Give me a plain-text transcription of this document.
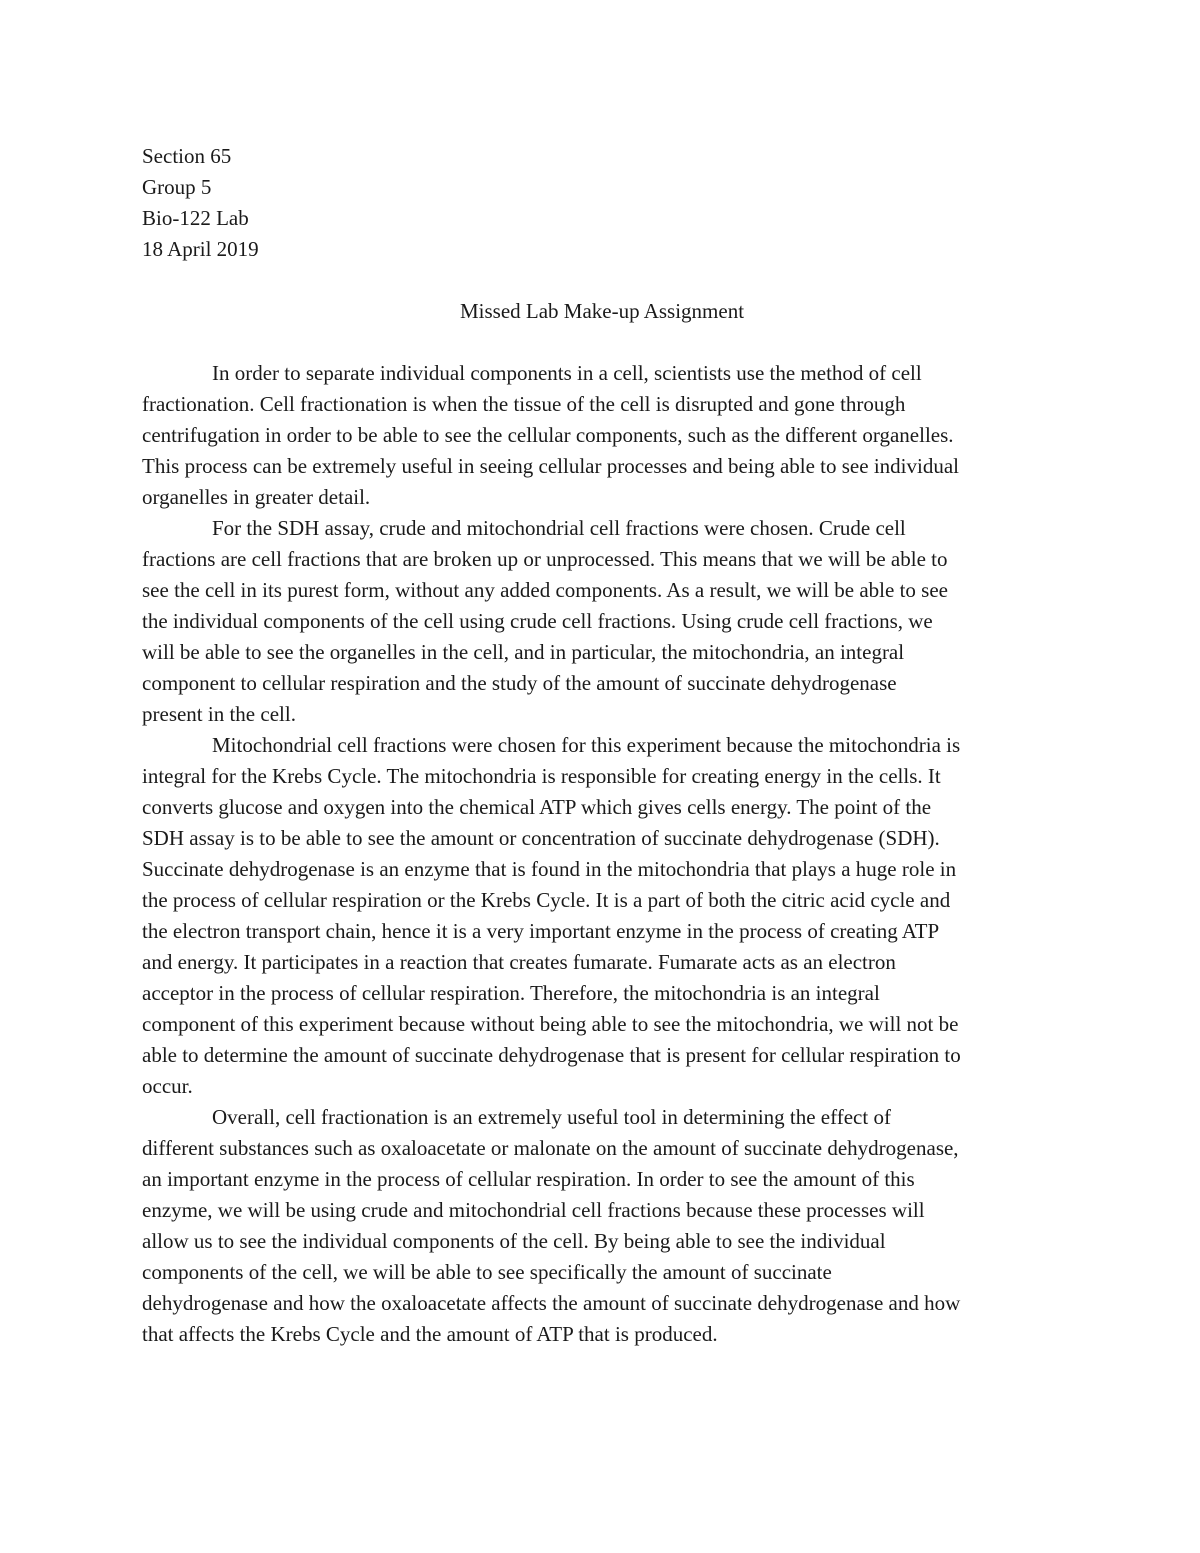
Section 65

Group 5

Bio-122 Lab

18 April 2019

Missed Lab Make-up Assignment

In order to separate individual components in a cell, scientists use the method of cell
fractionation. Cell fractionation is when the tissue of the cell is disrupted and gone through
centrifugation in order to be able to see the cellular components, such as the different organelles.
This process can be extremely useful in seeing cellular processes and being able to see individual
organelles in greater detail.
For the SDH assay, crude and mitochondrial cell fractions were chosen. Crude cell
fractions are cell fractions that are broken up or unprocessed. This means that we will be able to
see the cell in its purest form, without any added components. As a result, we will be able to see
the individual components of the cell using crude cell fractions. Using crude cell fractions, we
will be able to see the organelles in the cell, and in particular, the mitochondria, an integral
component to cellular respiration and the study of the amount of succinate dehydrogenase
present in the cell.
Mitochondrial cell fractions were chosen for this experiment because the mitochondria is
integral for the Krebs Cycle. The mitochondria is responsible for creating energy in the cells. It
converts glucose and oxygen into the chemical ATP which gives cells energy. The point of the
SDH assay is to be able to see the amount or concentration of succinate dehydrogenase (SDH).
Succinate dehydrogenase is an enzyme that is found in the mitochondria that plays a huge role in
the process of cellular respiration or the Krebs Cycle. It is a part of both the citric acid cycle and
the electron transport chain, hence it is a very important enzyme in the process of creating ATP
and energy. It participates in a reaction that creates fumarate. Fumarate acts as an electron
acceptor in the process of cellular respiration. Therefore, the mitochondria is an integral
component of this experiment because without being able to see the mitochondria, we will not be
able to determine the amount of succinate dehydrogenase that is present for cellular respiration to
occur.
Overall, cell fractionation is an extremely useful tool in determining the effect of
different substances such as oxaloacetate or malonate on the amount of succinate dehydrogenase,
an important enzyme in the process of cellular respiration. In order to see the amount of this
enzyme, we will be using crude and mitochondrial cell fractions because these processes will
allow us to see the individual components of the cell. By being able to see the individual
components of the cell, we will be able to see specifically the amount of succinate
dehydrogenase and how the oxaloacetate affects the amount of succinate dehydrogenase and how
that affects the Krebs Cycle and the amount of ATP that is produced.
